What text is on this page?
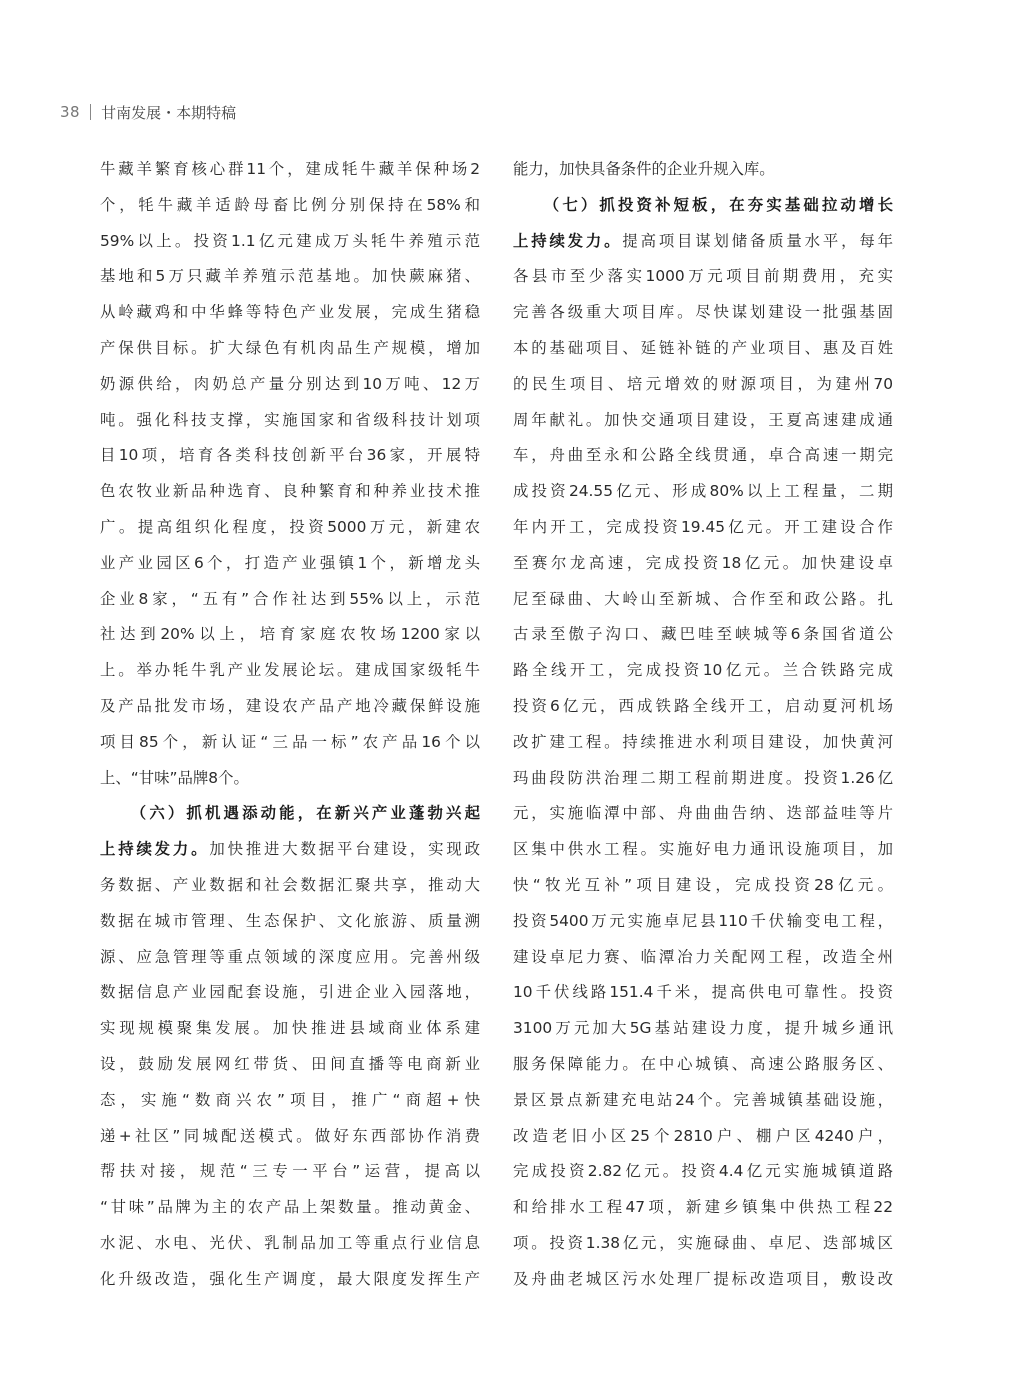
38 甘南发展・本期特稿
牛藏羊繁育核心群11个，建成牦牛藏羊保种场2
个，牦牛藏羊适龄母畜比例分别保持在58%和
59%以上。投资1.1亿元建成万头牦牛养殖示范
基地和5万只藏羊养殖示范基地。加快蕨麻猪、
从岭藏鸡和中华蜂等特色产业发展，完成生猪稳
产保供目标。扩大绿色有机肉品生产规模，增加
奶源供给，肉奶总产量分别达到10万吨、12万
吨。强化科技支撑，实施国家和省级科技计划项
目10项，培育各类科技创新平台36家，开展特
色农牧业新品种选育、良种繁育和种养业技术推
广。提高组织化程度，投资5000万元，新建农
业产业园区6个，打造产业强镇1个，新增龙头
企业8家，“五有”合作社达到55%以上，示范
社达到20%以上，培育家庭农牧场1200家以
上。举办牦牛乳产业发展论坛。建成国家级牦牛
及产品批发市场，建设农产品产地冷藏保鲜设施
项目85个，新认证“三品一标”农产品16个以
上、“甘味”品牌8个。
（六）抓机遇添动能，在新兴产业蓬勃兴起
上持续发力。加快推进大数据平台建设，实现政
务数据、产业数据和社会数据汇聚共享，推动大
数据在城市管理、生态保护、文化旅游、质量溯
源、应急管理等重点领域的深度应用。完善州级
数据信息产业园配套设施，引进企业入园落地，
实现规模聚集发展。加快推进县域商业体系建
设，鼓励发展网红带货、田间直播等电商新业
态，实施“数商兴农”项目，推广“商超+快
递+社区”同城配送模式。做好东西部协作消费
帮扶对接，规范“三专一平台”运营，提高以
“甘味”品牌为主的农产品上架数量。推动黄金、
水泥、水电、光伏、乳制品加工等重点行业信息
化升级改造，强化生产调度，最大限度发挥生产
能力，加快具备条件的企业升规入库。
（七）抓投资补短板，在夯实基础拉动增长
上持续发力。提高项目谋划储备质量水平，每年
各县市至少落实1000万元项目前期费用，充实
完善各级重大项目库。尽快谋划建设一批强基固
本的基础项目、延链补链的产业项目、惠及百姓
的民生项目、培元增效的财源项目，为建州70
周年献礼。加快交通项目建设，王夏高速建成通
车，舟曲至永和公路全线贯通，卓合高速一期完
成投资24.55亿元、形成80%以上工程量，二期
年内开工，完成投资19.45亿元。开工建设合作
至赛尔龙高速，完成投资18亿元。加快建设卓
尼至碌曲、大岭山至新城、合作至和政公路。扎
古录至傲子沟口、藏巴哇至峡城等6条国省道公
路全线开工，完成投资10亿元。兰合铁路完成
投资6亿元，西成铁路全线开工，启动夏河机场
改扩建工程。持续推进水利项目建设，加快黄河
玛曲段防洪治理二期工程前期进度。投资1.26亿
元，实施临潭中部、舟曲曲告纳、迭部益哇等片
区集中供水工程。实施好电力通讯设施项目，加
快“牧光互补”项目建设，完成投资28亿元。
投资5400万元实施卓尼县110千伏输变电工程，
建设卓尼力赛、临潭冶力关配网工程，改造全州
10千伏线路151.4千米，提高供电可靠性。投资
3100万元加大5G基站建设力度，提升城乡通讯
服务保障能力。在中心城镇、高速公路服务区、
景区景点新建充电站24个。完善城镇基础设施，
改造老旧小区25个2810户、棚户区4240户，
完成投资2.82亿元。投资4.4亿元实施城镇道路
和给排水工程47项，新建乡镇集中供热工程22
项。投资1.38亿元，实施碌曲、卓尼、迭部城区
及舟曲老城区污水处理厂提标改造项目，敷设改
